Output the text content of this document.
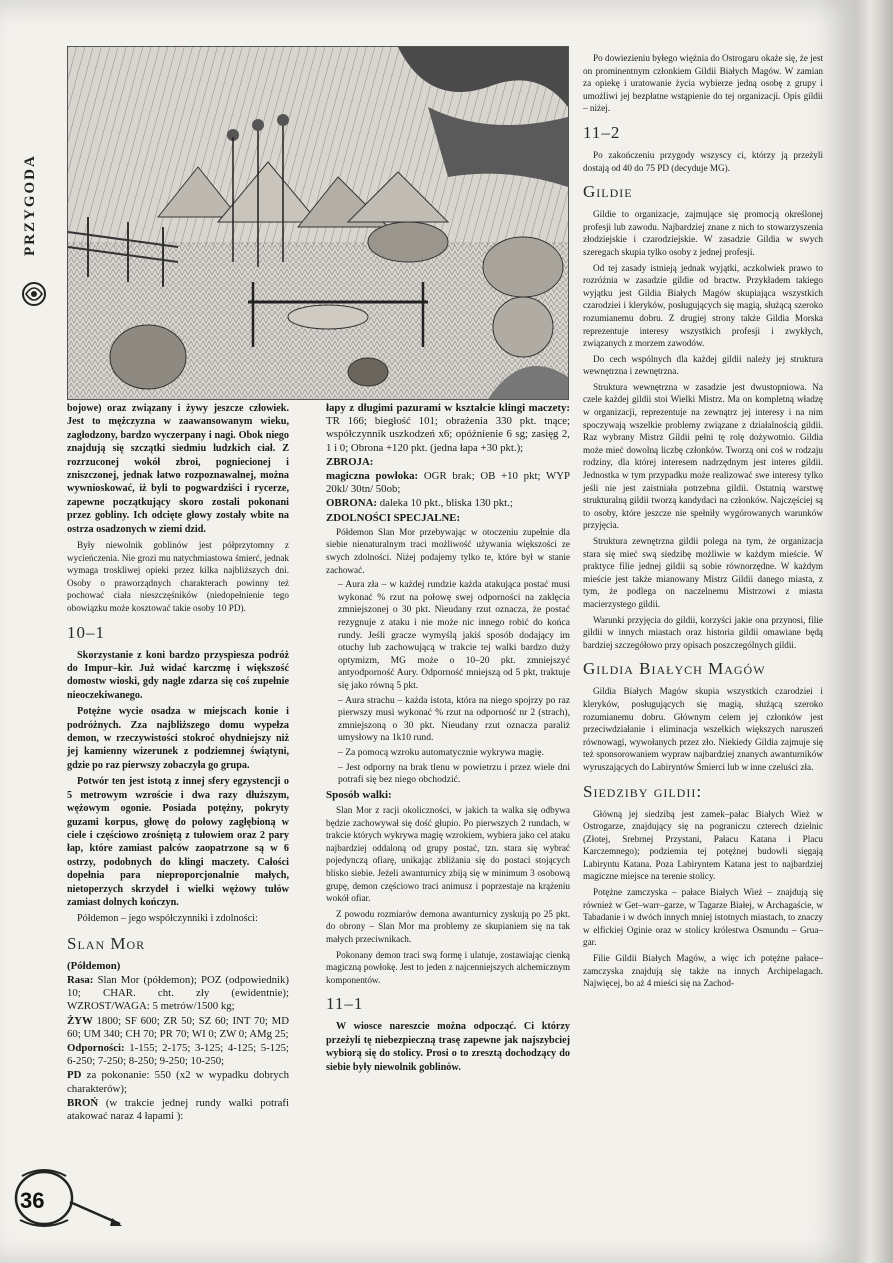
PRZYGODA

bojowe) oraz związany i żywy jeszcze człowiek. Jest to mężczyzna w zaawansowanym wieku, zagłodzony, bardzo wyczerpany i nagi. Obok niego znajdują się szczątki siedmiu ludzkich ciał. Z rozrzuconej wokół zbroi, pogniecionej i zniszczonej, jednak łatwo rozpoznawalnej, można wywnioskować, iż byli to pogwardziści i rycerze, zapewne początkujący skoro zostali pokonani przez gobliny. Ich odcięte głowy zostały wbite na ostrza osadzonych w ziemi dzid.

Były niewolnik goblinów jest półprzytomny z wycieńczenia. Nie grozi mu natychmiastowa śmierć, jednak wymaga troskliwej opieki przez kilka najbliższych dni. Osoby o praworządnych charakterach powinny też pochować ciała nieszczęśników (niedopełnienie tego obowiązku może kosztować takie osoby 10 PD).

10–1

Skorzystanie z koni bardzo przyspiesza podróż do Impur–kir. Już widać karczmę i większość domostw wioski, gdy nagle zdarza się coś zupełnie nieoczekiwanego.

Potężne wycie osadza w miejscach konie i podróżnych. Zza najbliższego domu wypełza demon, w rzeczywistości stokroć ohydniejszy niż jej kamienny wizerunek z podziemnej świątyni, gdzie po raz pierwszy zobaczyła go grupa.

Potwór ten jest istotą z innej sfery egzystencji o 5 metrowym wzroście i dwa razy dłuższym, wężowym ogonie. Posiada potężny, pokryty guzami korpus, głowę do połowy zagłębioną w ciele i częściowo zrośniętą z tułowiem oraz 2 pary łap, które zamiast palców zaopatrzone są w 6 ostrzy, podobnych do klingi maczety. Całości dopełnia para nieproporcjonalnie małych, nietoperzych skrzydeł i wielki wężowy tułów zamiast dolnych kończyn.

Półdemon – jego współczynniki i zdolności:

Slan Mor

(Półdemon)

Rasa: Slan Mor (półdemon); POZ (odpowiednik) 10; CHAR. cht. zły (ewidentnie); WZROST/WAGA: 5 metrów/1500 kg;

ŻYW 1800; SF 600; ZR 50; SZ 60; INT 70; MD 60; UM 340; CH 70; PR 70; WI 0; ZW 0; AMg 25;

Odporności: 1-155; 2-175; 3-125; 4-125; 5-125; 6-250; 7-250; 8-250; 9-250; 10-250;

PD za pokonanie: 550 (x2 w wypadku dobrych charakterów);

BROŃ (w trakcie jednej rundy walki potrafi atakować naraz 4 łapami ):

łapy z długimi pazurami w kształcie klingi maczety: TR 166; biegłość 101; obrażenia 330 pkt. tnące; współczynnik uszkodzeń x6; opóźnienie 6 sg; zasięg 2, 1 i 0; Obrona +120 pkt. (jedna łapa +30 pkt.);

ZBROJA:

magiczna powłoka: OGR brak; OB +10 pkt; WYP 20kl/ 30tn/ 50ob;

OBRONA: daleka 10 pkt., bliska 130 pkt.;

ZDOLNOŚCI SPECJALNE:

Półdemon Slan Mor przebywając w otoczeniu zupełnie dla siebie nienaturalnym traci możliwość używania większości ze swych zdolności. Niżej podajemy tylko te, które był w stanie zachować.

– Aura zła – w każdej rundzie każda atakująca postać musi wykonać % rzut na połowę swej odporności na zaklęcia zmniejszonej o 30 pkt. Nieudany rzut oznacza, że postać rezygnuje z ataku i nie może nic innego robić do końca rundy. Jeśli gracze wymyślą jakiś sposób dodający im otuchy lub zachowującą w trakcie tej walki bardzo duży optymizm, MG może o 10–20 pkt. zmniejszyć antyodporność Aury. Odporność mniejszą od 5 pkt, traktuje się jako równą 5 pkt.

– Aura strachu – każda istota, która na niego spojrzy po raz pierwszy musi wykonać % rzut na odporność nr 2 (strach), zmniejszoną o 30 pkt. Nieudany rzut oznacza paraliż umysłowy na 1k10 rund.

– Za pomocą wzroku automatycznie wykrywa magię.

– Jest odporny na brak tlenu w powietrzu i przez wiele dni potrafi się bez niego obchodzić.

Sposób walki:

Slan Mor z racji okoliczności, w jakich ta walka się odbywa będzie zachowywał się dość głupio. Po pierwszych 2 rundach, w trakcie których wykrywa magię wzrokiem, wybiera jako cel ataku najbardziej oddaloną od grupy postać, tzn. stara się wybrać pojedynczą ofiarę, unikając zbliżania się do postaci stojących blisko siebie. Jeżeli awanturnicy zbiją się w minimum 3 osobową grupę, demon częściowo traci animusz i poprzestaje na krążeniu wokół ofiar.

Z powodu rozmiarów demona awanturnicy zyskują po 25 pkt. do obrony – Slan Mor ma problemy ze skupianiem się na tak małych przeciwnikach.

Pokonany demon traci swą formę i ulatuje, zostawiając cienką magiczną powłokę. Jest to jeden z najcenniejszych alchemicznym komponentów.

11–1

W wiosce nareszcie można odpocząć. Ci którzy przeżyli tę niebezpieczną trasę zapewne jak najszybciej wybiorą się do stolicy. Prosi o to zresztą dochodzący do siebie były niewolnik goblinów.

Po dowiezieniu byłego więźnia do Ostrogaru okaże się, że jest on prominentnym członkiem Gildii Białych Magów. W zamian za opiekę i uratowanie życia wybierze jedną osobę z grupy i umożliwi jej bezpłatne wstąpienie do tej organizacji. Opis gildii – niżej.

11–2

Po zakończeniu przygody wszyscy ci, którzy ją przeżyli dostają od 40 do 75 PD (decyduje MG).

Gildie

Gildie to organizacje, zajmujące się promocją określonej profesji lub zawodu. Najbardziej znane z nich to stowarzyszenia złodziejskie i czarodziejskie. W zasadzie Gildia w swych szeregach skupia tylko osoby z jednej profesji.

Od tej zasady istnieją jednak wyjątki, aczkolwiek prawo to rozróżnia w zasadzie gildie od bractw. Przykładem takiego wyjątku jest Gildia Białych Magów skupiająca wszystkich czarodziei i kleryków, posługujących się magią, służącą szeroko rozumianemu dobru. Z drugiej strony także Gildia Morska reprezentuje interesy wszystkich profesji i zwykłych, związanych z morzem zawodów.

Do cech wspólnych dla każdej gildii należy jej struktura wewnętrzna i zewnętrzna.

Struktura wewnętrzna w zasadzie jest dwustopniowa. Na czele każdej gildii stoi Wielki Mistrz. Ma on kompletną władzę w organizacji, reprezentuje na zewnątrz jej interesy i na nim spoczywają wszelkie problemy związane z działalnością gildii. Raz wybrany Mistrz Gildii pełni tę rolę dożywotnio. Gildia może mieć dowolną liczbę członków. Tworzą oni coś w rodzaju rodziny, dla której interesem nadrzędnym jest interes gildii. Jednostka w tym przypadku może realizować swe interesy tylko jeśli nie jest zaistniała potrzebna gildii. Ostatnią warstwę strukturalną gildii tworzą kandydaci na członków. Najczęściej są to osoby, które jeszcze nie spełniły wygórowanych warunków przyjęcia.

Struktura zewnętrzna gildii polega na tym, że organizacja stara się mieć swą siedzibę możliwie w każdym mieście. W praktyce filie jednej gildii są sobie równorzędne. W każdym mieście jest także mianowany Mistrz Gildii danego miasta, z tym, że podlega on naczelnemu Mistrzowi z miasta macierzystego gildii.

Warunki przyjęcia do gildii, korzyści jakie ona przynosi, filie gildii w innych miastach oraz historia gildii omawiane będą bardziej szczegółowo przy opisach poszczególnych gildii.

Gildia Białych Magów

Gildia Białych Magów skupia wszystkich czarodziei i kleryków, posługujących się magią, służącą szeroko rozumianemu dobru. Głównym celem jej członków jest przeciwdziałanie i eliminacja wszelkich większych naruszeń równowagi, wywołanych przez zło. Niekiedy Gildia zajmuje się też sponsorowaniem wypraw najbardziej znanych awanturników wyruszających do Labiryntów Śmierci lub w inne czeluści zła.

Siedziby gildii:

Główną jej siedzibą jest zamek–pałac Białych Wież w Ostrogarze, znajdujący się na pograniczu czterech dzielnic (Złotej, Srebrnej Przystani, Pałacu Katana i Placu Karczemnego); podziemia tej potężnej budowli sięgają Labiryntu Katana. Poza Labiryntem Katana jest to najbardziej magiczne miejsce na terenie stolicy.

Potężne zamczyska – pałace Białych Wież – znajdują się również w Get–warr–garze, w Tagarze Białej, w Archagaście, w Tabadanie i w dwóch innych mniej istotnych miastach, to znaczy w elfickiej Oginie oraz w stolicy królestwa Osmundu – Grua–gar.

Filie Gildii Białych Magów, a więc ich potężne pałace–zamczyska znajdują się także na innych Archipelagach. Najwięcej, bo aż 4 mieści się na Zachod-

36
